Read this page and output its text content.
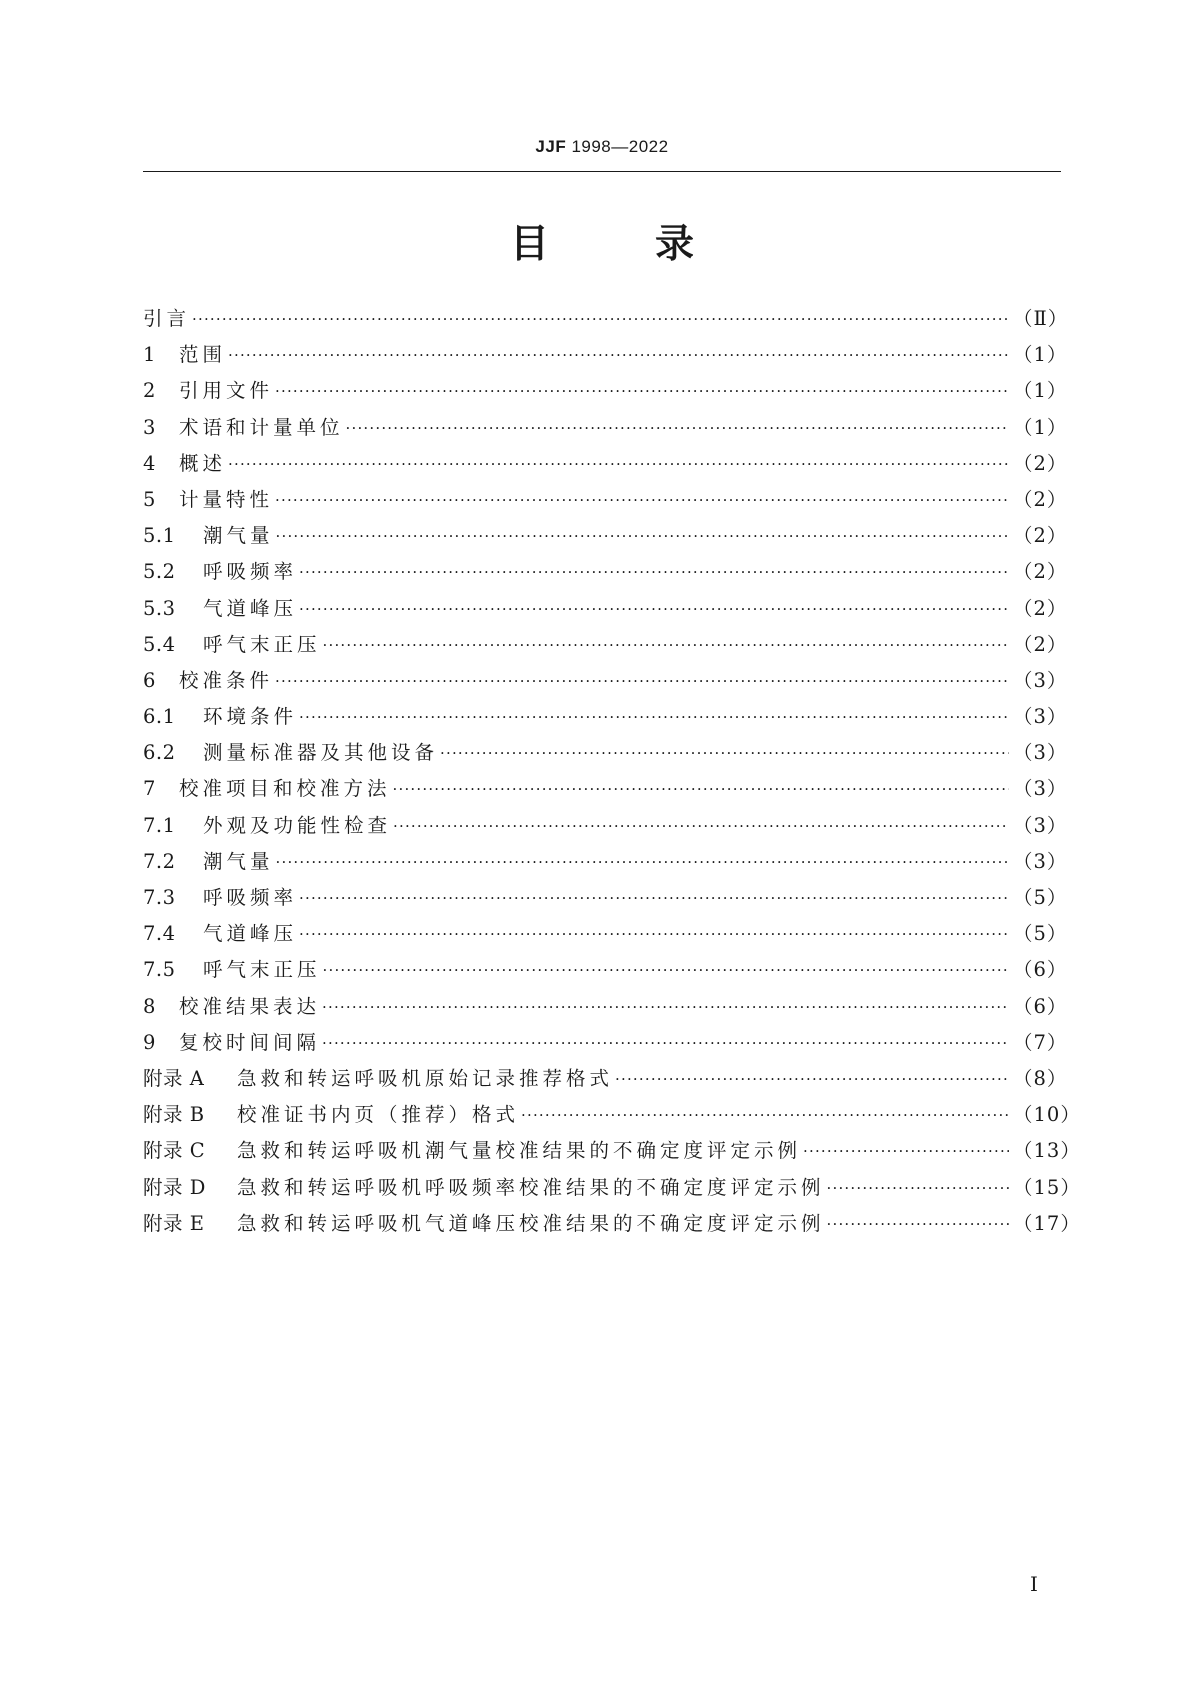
JJF 1998—2022
目	录
引言 ·····	（Ⅱ）
1	范围 ·····	（1）
2	引用文件 ·····	（1）
3	术语和计量单位 ·····	（1）
4	概述 ·····	（2）
5	计量特性 ·····	（2）
5.1	潮气量 ·····	（2）
5.2	呼吸频率 ·····	（2）
5.3	气道峰压 ·····	（2）
5.4	呼气末正压 ·····	（2）
6	校准条件 ·····	（3）
6.1	环境条件 ·····	（3）
6.2	测量标准器及其他设备 ·····	（3）
7	校准项目和校准方法 ·····	（3）
7.1	外观及功能性检查 ·····	（3）
7.2	潮气量 ·····	（3）
7.3	呼吸频率 ·····	（5）
7.4	气道峰压 ·····	（5）
7.5	呼气末正压 ·····	（6）
8	校准结果表达 ·····	（6）
9	复校时间间隔 ·····	（7）
附录 A	急救和转运呼吸机原始记录推荐格式 ·····	（8）
附录 B	校准证书内页（推荐）格式 ·····	（10）
附录 C	急救和转运呼吸机潮气量校准结果的不确定度评定示例 ·····	（13）
附录 D	急救和转运呼吸机呼吸频率校准结果的不确定度评定示例 ·····	（15）
附录 E	急救和转运呼吸机气道峰压校准结果的不确定度评定示例 ·····	（17）
Ⅰ
